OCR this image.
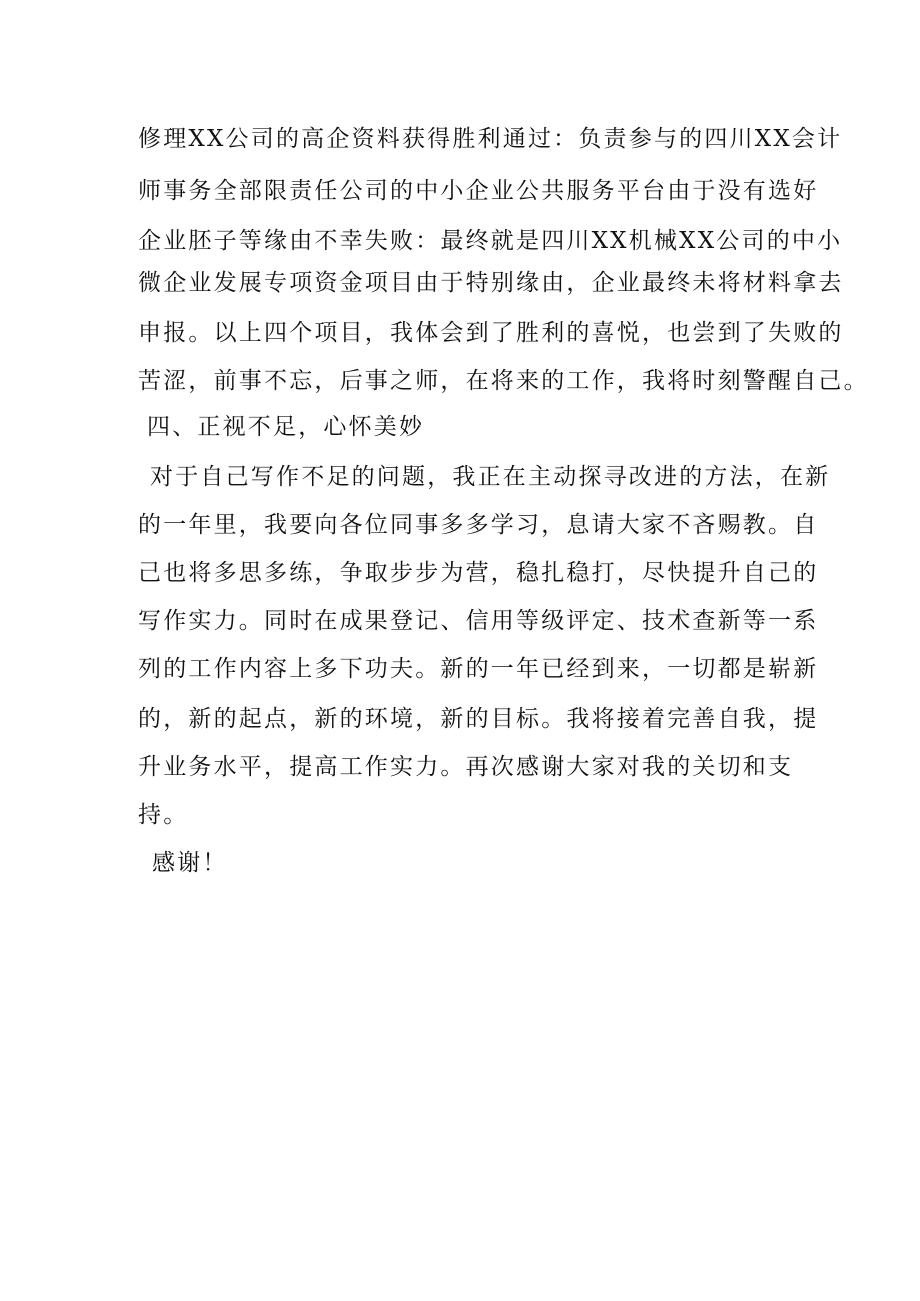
修理XX公司的高企资料获得胜利通过：负责参与的四川XX会计
师事务全部限责任公司的中小企业公共服务平台由于没有选好
企业胚子等缘由不幸失败：最终就是四川XX机械XX公司的中小
微企业发展专项资金项目由于特别缘由，企业最终未将材料拿去
申报。以上四个项目，我体会到了胜利的喜悦，也尝到了失败的
苦涩，前事不忘，后事之师，在将来的工作，我将时刻警醒自己。
四、正视不足，心怀美妙
对于自己写作不足的问题，我正在主动探寻改进的方法，在新
的一年里，我要向各位同事多多学习，息请大家不吝赐教。自
己也将多思多练，争取步步为营，稳扎稳打，尽快提升自己的
写作实力。同时在成果登记、信用等级评定、技术查新等一系
列的工作内容上多下功夫。新的一年已经到来，一切都是崭新
的，新的起点，新的环境，新的目标。我将接着完善自我，提
升业务水平，提高工作实力。再次感谢大家对我的关切和支
持。
感谢！
